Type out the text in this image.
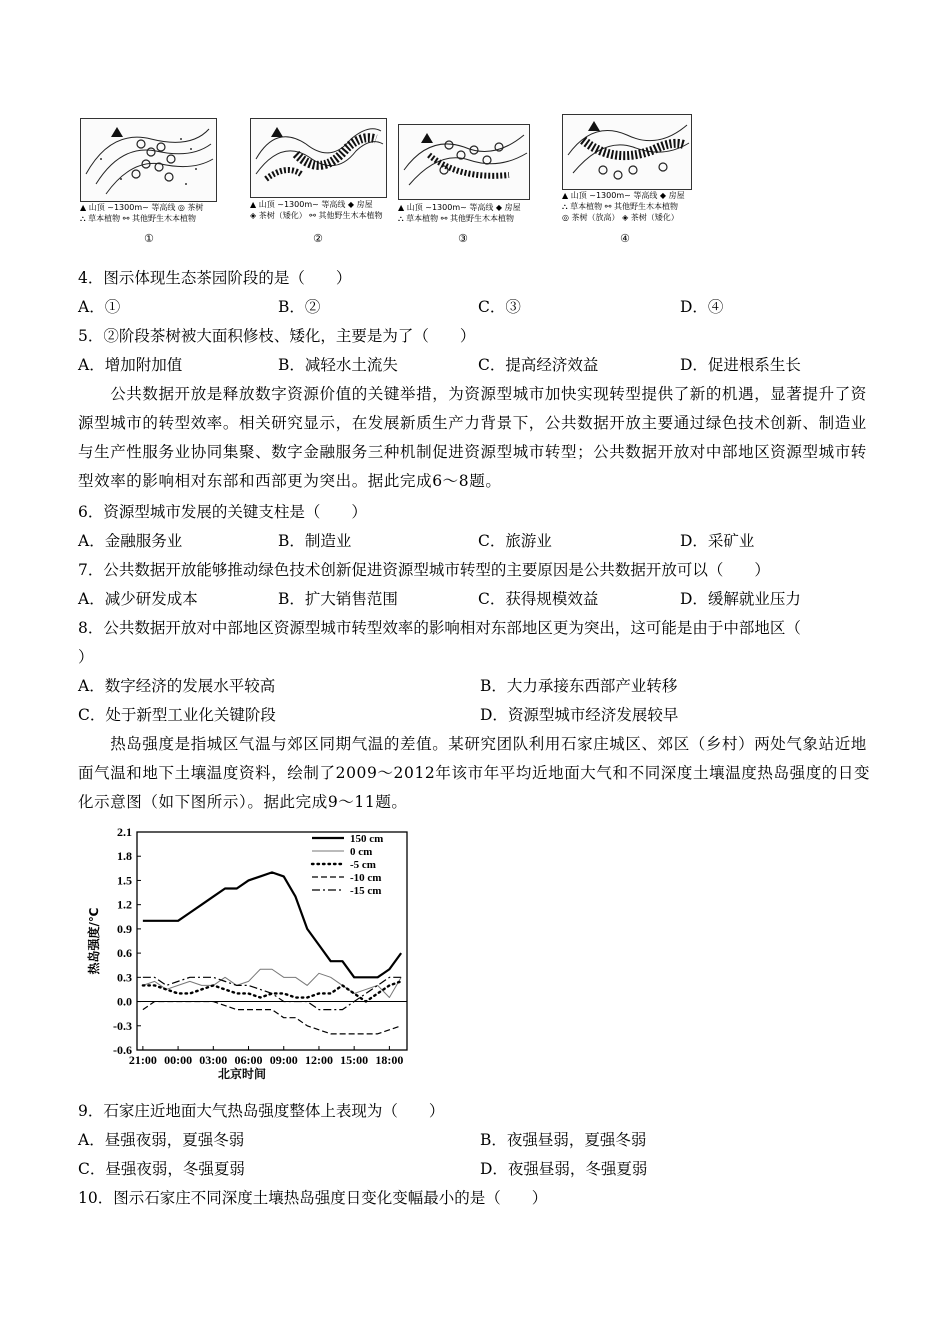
▲ 山顶 ~1300m~ 等高线 ◎ 茶树
⛬ 草本植物 ⚯ 其他野生木本植物
①
▲ 山顶 ~1300m~ 等高线 ◆ 房屋
◈ 茶树（矮化） ⚯ 其他野生木本植物
②
▲ 山顶 ~1300m~ 等高线 ◆ 房屋
⛬ 草本植物 ⚯ 其他野生木本植物
③
▲ 山顶 ~1300m~ 等高线 ◆ 房屋
⛬ 草本植物 ⚯ 其他野生木本植物
◎ 茶树（放高） ◈ 茶树（矮化）
④
4．图示体现生态茶园阶段的是（　　）
A．①	B．②	C．③	D．④
5．②阶段茶树被大面积修枝、矮化，主要是为了（　　）
A．增加附加值	B．减轻水土流失	C．提高经济效益	D．促进根系生长
　　公共数据开放是释放数字资源价值的关键举措，为资源型城市加快实现转型提供了新的机遇，显著提升了资源型城市的转型效率。相关研究显示，在发展新质生产力背景下，公共数据开放主要通过绿色技术创新、制造业与生产性服务业协同集聚、数字金融服务三种机制促进资源型城市转型；公共数据开放对中部地区资源型城市转型效率的影响相对东部和西部更为突出。据此完成6～8题。
6．资源型城市发展的关键支柱是（　　）
A．金融服务业	B．制造业	C．旅游业	D．采矿业
7．公共数据开放能够推动绿色技术创新促进资源型城市转型的主要原因是公共数据开放可以（　　）
A．减少研发成本	B．扩大销售范围	C．获得规模效益	D．缓解就业压力
8．公共数据开放对中部地区资源型城市转型效率的影响相对东部地区更为突出，这可能是由于中部地区（
）
A．数字经济的发展水平较高	B．大力承接东西部产业转移
C．处于新型工业化关键阶段	D．资源型城市经济发展较早
　　热岛强度是指城区气温与郊区同期气温的差值。某研究团队利用石家庄城区、郊区（乡村）两处气象站近地面气温和地下土壤温度资料，绘制了2009～2012年该市年平均近地面大气和不同深度土壤温度热岛强度的日变化示意图（如下图所示）。据此完成9～11题。
2.1
1.8
1.5
1.2
0.9
0.6
0.3
0.0
-0.3
-0.6
21:00 00:00 03:00 06:00 09:00 12:00 15:00 18:00
北京时间
热岛强度/℃
150 cm
0 cm
-5 cm
-10 cm
-15 cm
9．石家庄近地面大气热岛强度整体上表现为（　　）
A．昼强夜弱，夏强冬弱	B．夜强昼弱，夏强冬弱
C．昼强夜弱，冬强夏弱	D．夜强昼弱，冬强夏弱
10．图示石家庄不同深度土壤热岛强度日变化变幅最小的是（　　）
